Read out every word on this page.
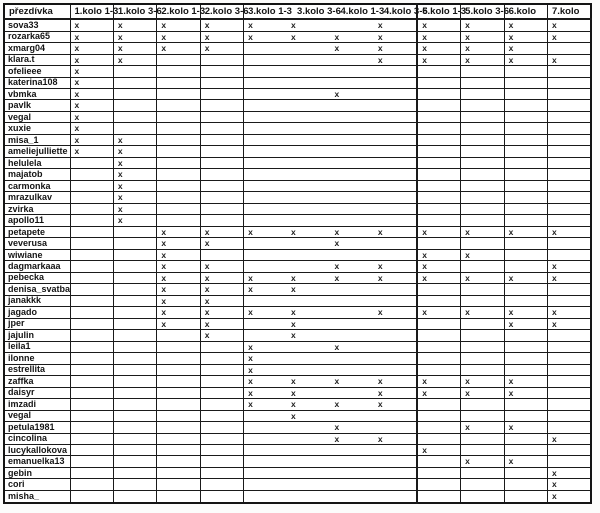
přezdívka	1.kolo 1-3	1.kolo 3-6	2.kolo 1-3	2.kolo 3-6	3.kolo 1-3	3.kolo 3-6	4.kolo 1-3	4.kolo 3-6	5.kolo 1-3	5.kolo 3-6	6.kolo	7.kolo
sova33	x	x	x	x	x	x		x	x	x	x	x
rozarka65	x	x	x	x	x	x	x	x	x	x	x	x
xmarg04	x	x	x	x			x	x	x	x	x	
klara.t	x	x						x	x	x	x	x
ofelieee	x											
katerina108	x											
vbmka	x						x					
pavlk	x											
vegal	x											
xuxie	x											
misa_1	x	x										
ameliejulliette	x	x										
helulela		x										
majatob		x										
carmonka		x										
mrazulkav		x										
zvirka		x										
apollo11		x										
petapete			x	x	x	x	x	x	x	x	x	x
veverusa			x	x			x					
wiwiane			x						x	x		
dagmarkaaa			x	x			x	x	x			x
pebecka			x	x	x	x	x	x	x	x	x	x
denisa_svatba			x	x	x	x						
janakkk			x	x								
jagado			x	x	x	x		x	x	x	x	x
jper			x	x		x					x	x
jajulin				x		x						
leila1					x		x					
ilonne					x							
estrellita					x							
zaffka					x	x	x	x	x	x	x	
daisyr					x	x		x	x	x	x	
imzadi					x	x	x	x				
vegal						x						
petula1981							x			x	x	
cincolina							x	x				x
lucykallokova									x			
emanuelka13										x	x	
gebin												x
cori												x
misha_												x
